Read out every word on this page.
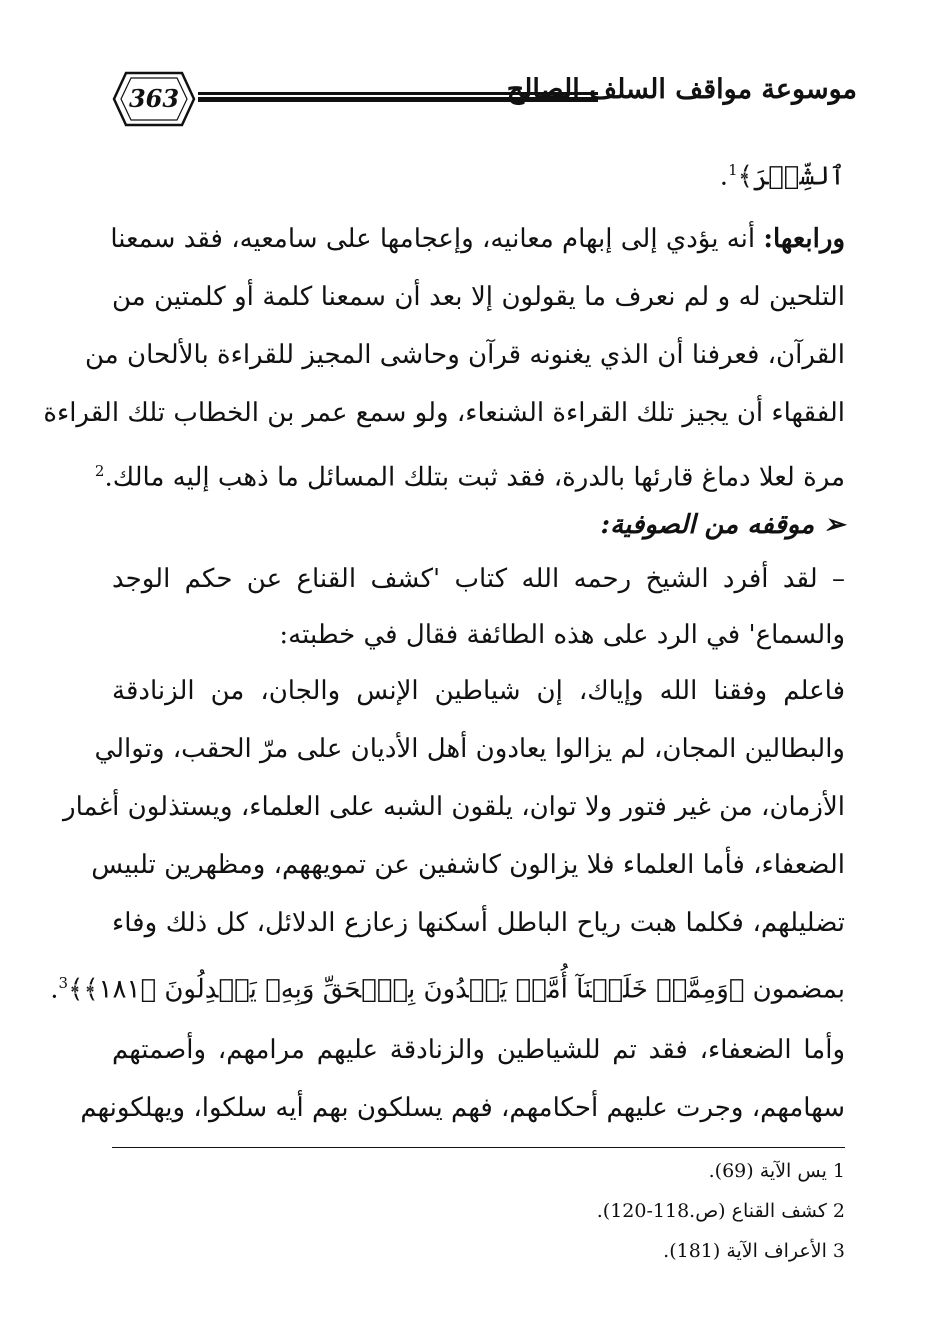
363	موسوعة مواقف السلف الصالح
ٱلشِّعۡرَ﴾$^1$.
ورابعها: أنه يؤدي إلى إبهام معانيه، وإعجامها على سامعيه، فقد سمعنا
التلحين له و لم نعرف ما يقولون إلا بعد أن سمعنا كلمة أو كلمتين من
القرآن، فعرفنا أن الذي يغنونه قرآن وحاشى المجيز للقراءة بالألحان من
الفقهاء أن يجيز تلك القراءة الشنعاء، ولو سمع عمر بن الخطاب تلك القراءة
مرة لعلا دماغ قارئها بالدرة، فقد ثبت بتلك المسائل ما ذهب إليه مالك.$^2$
➢ موقفه من الصوفية:
– لقد أفرد الشيخ رحمه الله كتاب 'كشف القناع عن حكم الوجد
والسماع' في الرد على هذه الطائفة فقال في خطبته:
فاعلم وفقنا الله وإياك، إن شياطين الإنس والجان، من الزنادقة
والبطالين المجان، لم يزالوا يعادون أهل الأديان على مرّ الحقب، وتوالي
الأزمان، من غير فتور ولا توان، يلقون الشبه على العلماء، ويستذلون أغمار
الضعفاء، فأما العلماء فلا يزالون كاشفين عن تمويههم، ومظهرين تلبيس
تضليلهم، فكلما هبت رياح الباطل أسكنها زعازع الدلائل، كل ذلك وفاء
بمضمون ﴿وَمِمَّنۡ خَلَقۡنَآ أُمَّةٞ يَهۡدُونَ بِٱلۡحَقِّ وَبِهِۦ يَعۡدِلُونَ ﴿١٨١﴾﴾$^3$.
وأما الضعفاء، فقد تم للشياطين والزنادقة عليهم مرامهم، وأصمتهم
سهامهم، وجرت عليهم أحكامهم، فهم يسلكون بهم أيه سلكوا، ويهلكونهم
1 يس الآية (69).
2 كشف القناع (ص.118-120).
3 الأعراف الآية (181).
